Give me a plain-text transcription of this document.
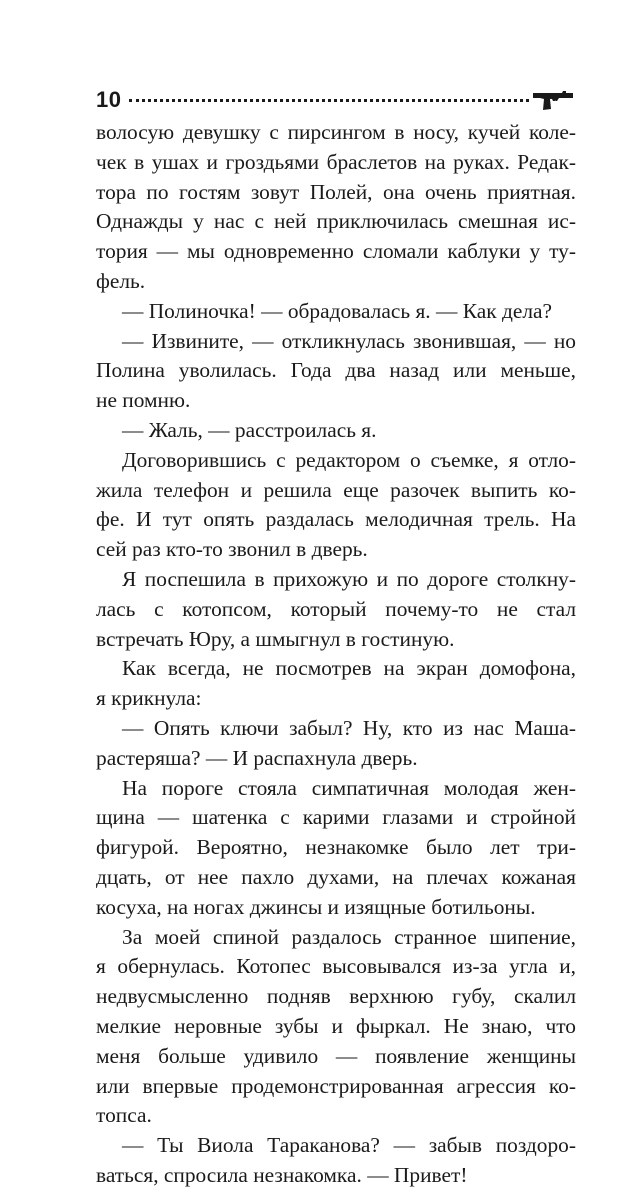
10
волосую девушку с пирсингом в носу, кучей колe-
чек в ушах и гроздьями браслетов на руках. Редак-
тора по гостям зовут Полей, она очень приятная.
Однажды у нас с ней приключилась смешная ис-
тория — мы одновременно сломали каблуки у ту-
фель.
— Полиночка! — обрадовалась я. — Как дела?
— Извините, — откликнулась звонившая, — но
Полина уволилась. Года два назад или меньше,
не помню.
— Жаль, — расстроилась я.
Договорившись с редактором о съемке, я отло-
жила телефон и решила еще разочек выпить ко-
фе. И тут опять раздалась мелодичная трель. На
сей раз кто-то звонил в дверь.
Я поспешила в прихожую и по дороге столкну-
лась с котопсом, который почему-то не стал
встречать Юру, а шмыгнул в гостиную.
Как всегда, не посмотрев на экран домофона,
я крикнула:
— Опять ключи забыл? Ну, кто из нас Маша-
растеряша? — И распахнула дверь.
На пороге стояла симпатичная молодая жен-
щина — шатенка с карими глазами и стройной
фигурой. Вероятно, незнакомке было лет три-
дцать, от нее пахло духами, на плечах кожаная
косуха, на ногах джинсы и изящные ботильоны.
За моей спиной раздалось странное шипение,
я обернулась. Котопес высовывался из-за угла и,
недвусмысленно подняв верхнюю губу, скалил
мелкие неровные зубы и фыркал. Не знаю, что
меня больше удивило — появление женщины
или впервые продемонстрированная агрессия ко-
топса.
— Ты Виола Тараканова? — забыв поздоро-
ваться, спросила незнакомка. — Привет!
